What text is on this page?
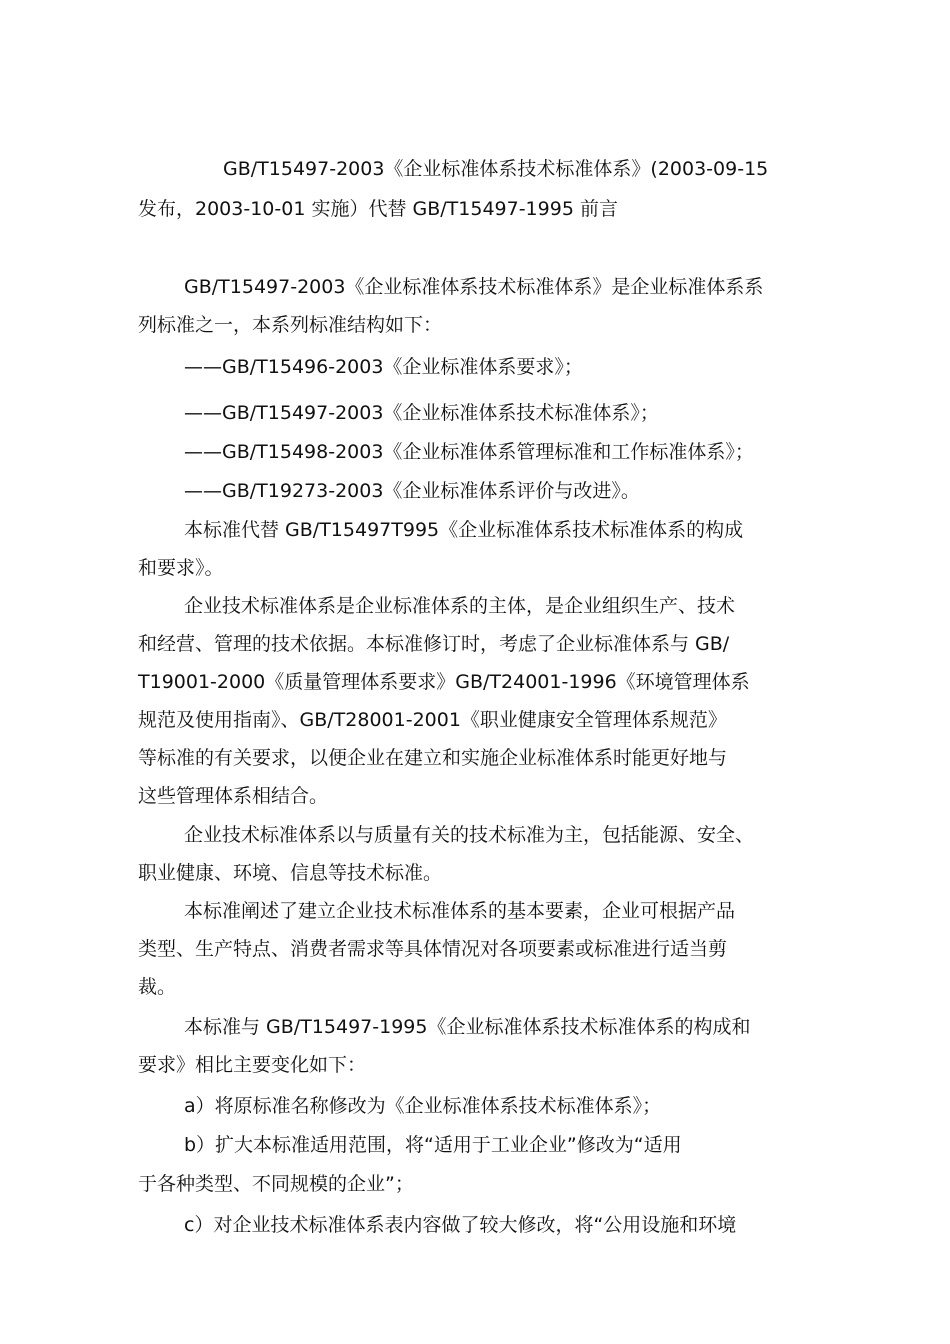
GB/T15497-2003《企业标准体系技术标准体系》(2003-09-15

发布，2003-10-01 实施）代替 GB/T15497-1995 前言

GB/T15497-2003《企业标准体系技术标准体系》是企业标准体系系

列标准之一，本系列标准结构如下：

——GB/T15496-2003《企业标准体系要求》；

——GB/T15497-2003《企业标准体系技术标准体系》；

——GB/T15498-2003《企业标准体系管理标准和工作标准体系》；

——GB/T19273-2003《企业标准体系评价与改进》。

本标准代替 GB/T15497T995《企业标准体系技术标准体系的构成

和要求》。

企业技术标准体系是企业标准体系的主体，是企业组织生产、技术

和经营、管理的技术依据。本标准修订时，考虑了企业标准体系与 GB/

T19001-2000《质量管理体系要求》GB/T24001-1996《环境管理体系

规范及使用指南》、GB/T28001-2001《职业健康安全管理体系规范》

等标准的有关要求，以便企业在建立和实施企业标准体系时能更好地与

这些管理体系相结合。

企业技术标准体系以与质量有关的技术标准为主，包括能源、安全、

职业健康、环境、信息等技术标准。

本标准阐述了建立企业技术标准体系的基本要素，企业可根据产品

类型、生产特点、消费者需求等具体情况对各项要素或标准进行适当剪

裁。

本标准与 GB/T15497-1995《企业标准体系技术标准体系的构成和

要求》相比主要变化如下：

a）将原标准名称修改为《企业标准体系技术标准体系》；

b）扩大本标准适用范围，将“适用于工业企业”修改为“适用

于各种类型、不同规模的企业”；

c）对企业技术标准体系表内容做了较大修改，将“公用设施和环境
